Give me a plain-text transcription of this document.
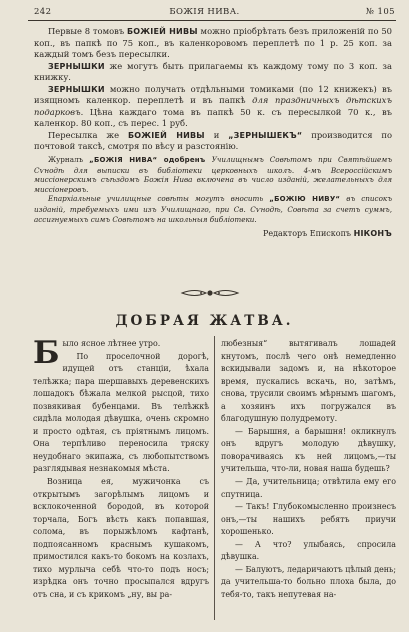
242	БОЖІЯ НИВА.	№ 105

Первые 8 томовъ БОЖІЕЙ НИВЫ можно пріобрѣтать безъ приложеній по 50 коп., въ папкѣ по 75 коп., въ каленкоровомъ переплетѣ по 1 р. 25 коп. за каждый томъ безъ пересылки.

ЗЕРНЫШКИ же могутъ быть прилагаемы къ каждому тому по 3 коп. за книжку.

ЗЕРНЫШКИ можно получать отдѣльными томиками (по 12 книжекъ) въ изящномъ каленкор. переплетѣ и въ папкѣ для праздничныхъ дѣтскихъ подарковъ. Цѣна каждаго тома въ папкѣ 50 к. съ пересылкой 70 к., въ каленкор. 80 коп., съ перес. 1 руб.

Пересылка же БОЖІЕЙ НИВЫ и „ЗЕРНЫШЕКЪ“ производится по почтовой таксѣ, смотря по вѣсу и разстоянію.

Журналъ „БОЖІЯ НИВА“ одобренъ Училищнымъ Совѣтомъ при Святѣйшемъ Сѵнодѣ для выписки въ библіотеки церковныхъ школъ. 4-мъ Всероссійскимъ миссіонерскимъ съѣздомъ Божія Нива включена въ число изданій, желательныхъ для миссіонеровъ.

Епархіальные училищные совѣты могутъ вносить „БОЖІЮ НИВУ“ въ списокъ изданій, требуемыхъ ими изъ Училищнаго, при Св. Сѵнодѣ, Совѣта за счетъ суммъ, ассигнуемыхъ симъ Совѣтомъ на школьныя библіотеки.

Редакторъ Епископъ НІКОНЪ

ДОБРАЯ ЖАТВА.

Было ясное лѣтнее утро.

По проселочной дорогѣ, идущей отъ станціи, ѣхала телѣжка; пара шершавыхъ деревенскихъ лошадокъ бѣжала мелкой рысцой, тихо позвякивая бубенцами. Въ телѣжкѣ сидѣла молодая дѣвушка, очень скромно и просто одѣтая, съ пріятнымъ лицомъ. Она терпѣливо переносила тряску неудобнаго экипажа, съ любопытствомъ разглядывая незнакомыя мѣста.

Возница ея, мужичонка съ открытымъ загорѣлымъ лицомъ и всклокоченной бородой, въ которой торчала, Богъ вѣсть какъ попавшая, солома, въ порыжѣломъ кафтанѣ, подпоясанномъ краснымъ кушакомъ, примостился какъ-то бокомъ на козлахъ, тихо мурлыча себѣ что-то подъ носъ; изрѣдка онъ точно просыпался вдругъ отъ сна, и съ крикомъ „ну, вы ра-

любезныя“ вытягивалъ лошадей кнутомъ, послѣ чего онѣ немедленно вскидывали задомъ и, на нѣкоторое время, пускались вскачь, но, затѣмъ, снова, трусили своимъ мѣрнымъ шагомъ, а хозяинъ ихъ погружался въ благодушную полудремоту.

— Барышня, а барышня! окликнулъ онъ вдругъ молодую дѣвушку, поворачиваясь къ ней лицомъ,—ты учительша, что-ли, новая наша будешь?

— Да, учительница; отвѣтила ему его спутница.

— Такъ! Глубокомысленно произнесъ онъ,—ты нашихъ ребятъ приучи хорошенько.

— А что? улыбаясь, спросила дѣвушка.

— Балуютъ, ледаричаютъ цѣлый день; да учительша-то больно плоха была, до тебя-то, такъ непутевая на-
